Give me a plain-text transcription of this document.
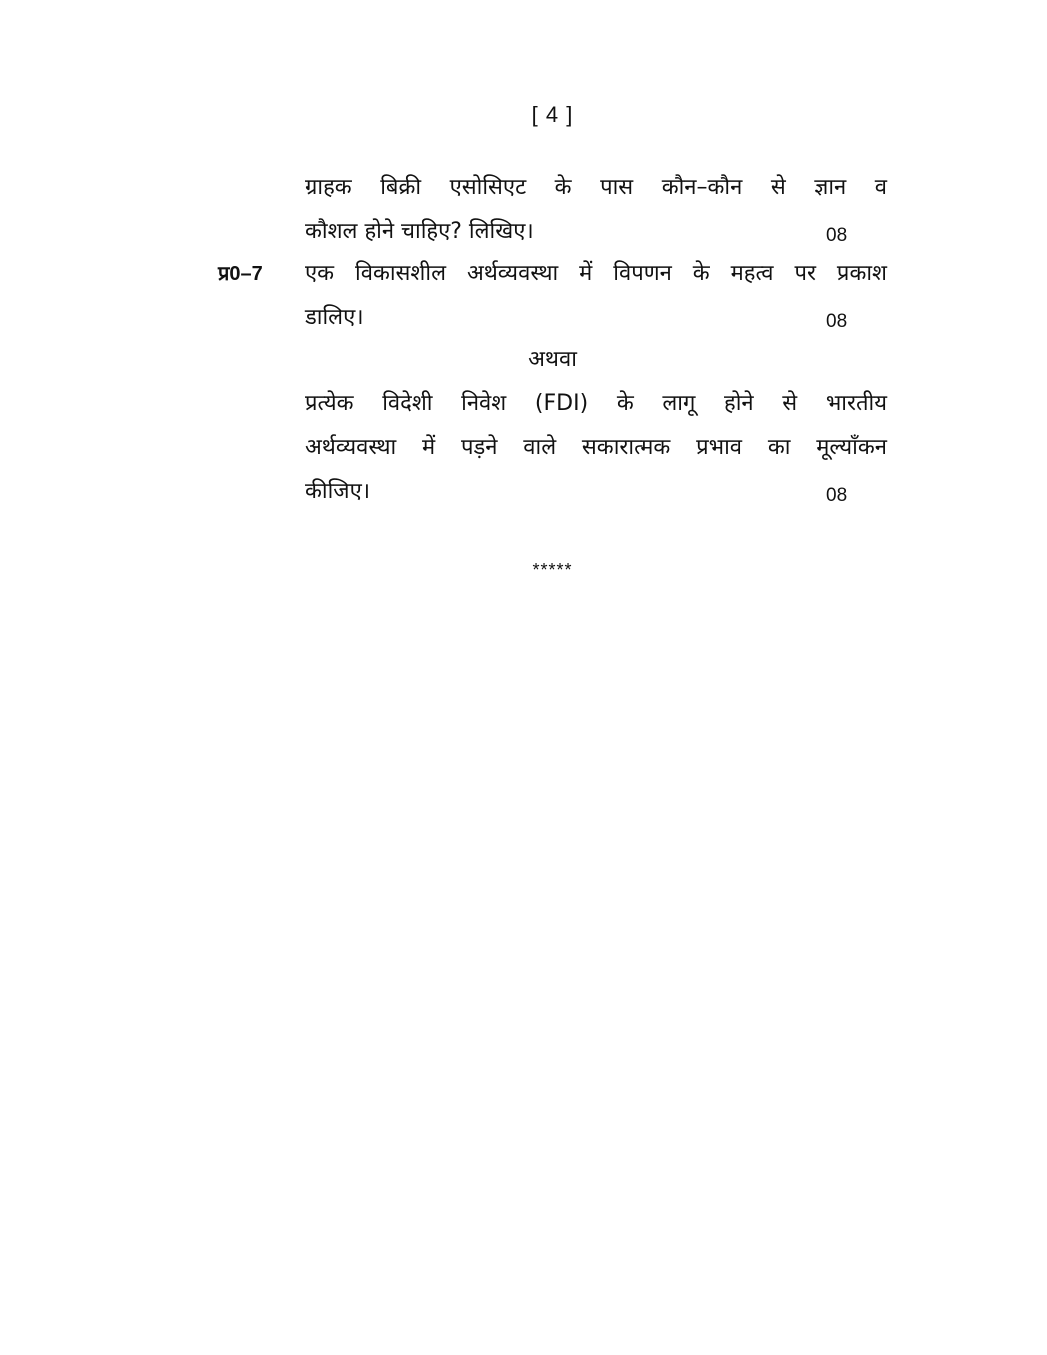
[ 4 ]
ग्राहक बिक्री एसोसिएट के पास कौन–कौन से ज्ञान व
कौशल होने चाहिए? लिखिए।	08
प्र0–7 एक विकासशील अर्थव्यवस्था में विपणन के महत्व पर प्रकाश
डालिए।	08
अथवा
प्रत्येक विदेशी निवेश (FDI) के लागू होने से भारतीय
अर्थव्यवस्था में पड़ने वाले सकारात्मक प्रभाव का मूल्याँकन
कीजिए।	08
*****
